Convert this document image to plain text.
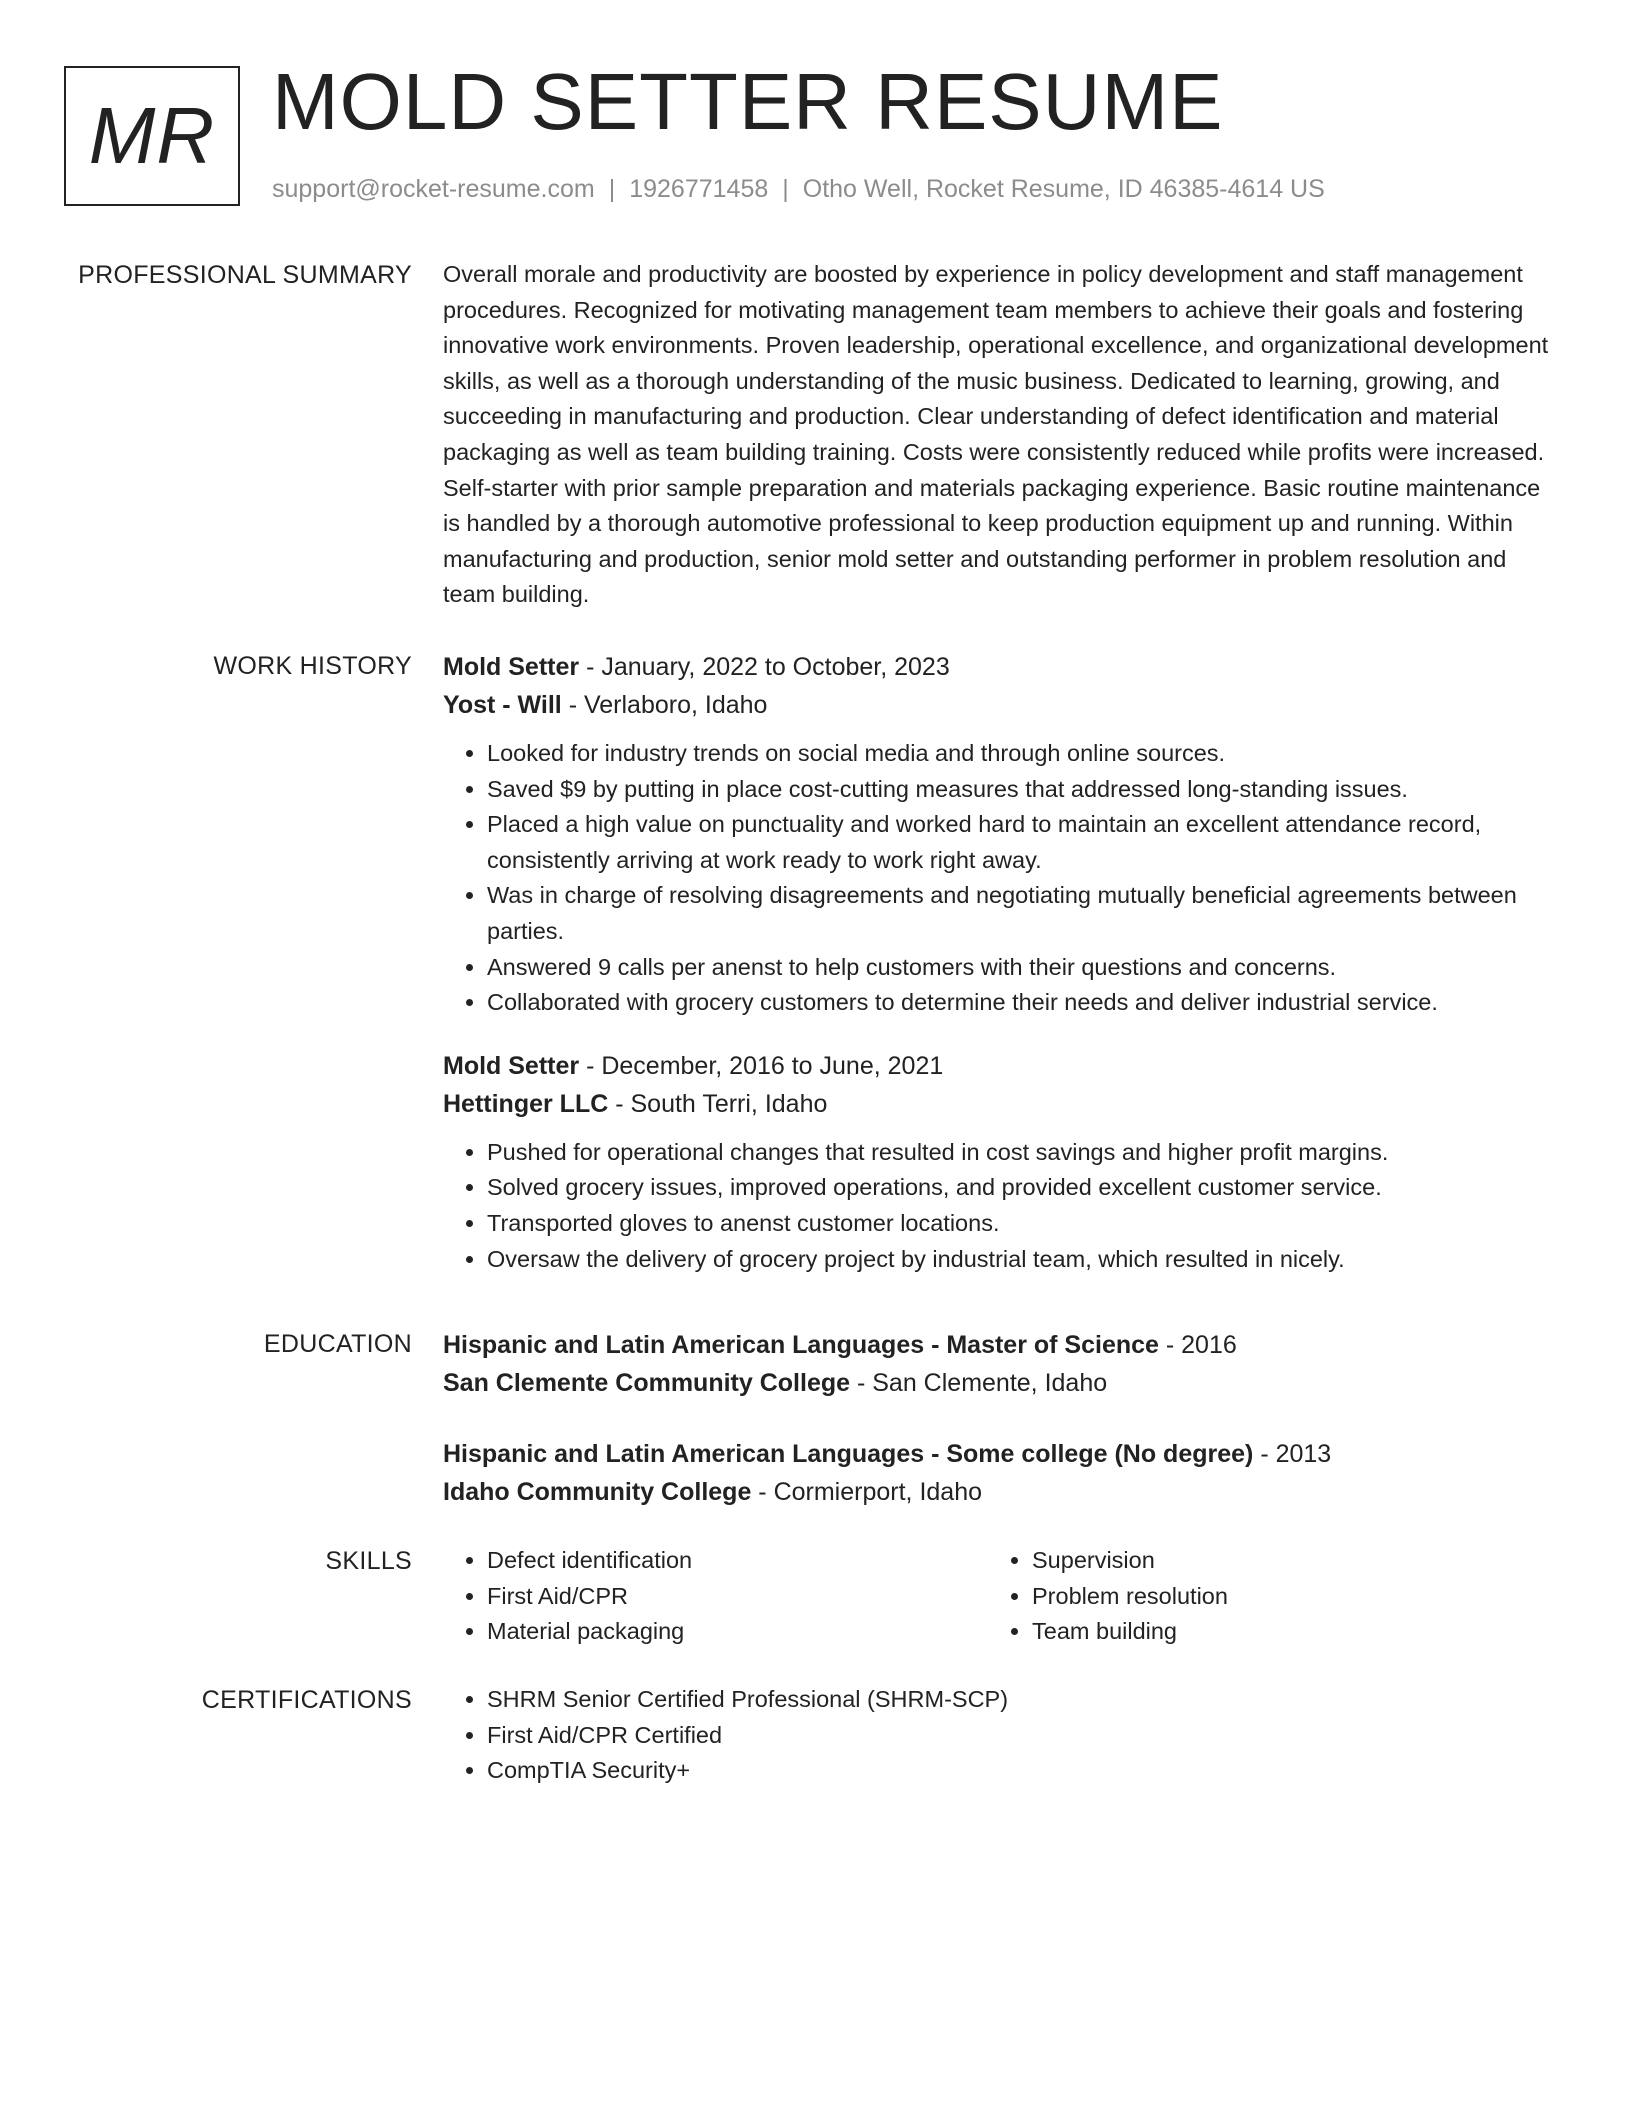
MR MOLD SETTER RESUME
support@rocket-resume.com | 1926771458 | Otho Well, Rocket Resume, ID 46385-4614 US
PROFESSIONAL SUMMARY Overall morale and productivity are boosted by experience in policy development and staff management procedures. Recognized for motivating management team members to achieve their goals and fostering innovative work environments. Proven leadership, operational excellence, and organizational development skills, as well as a thorough understanding of the music business. Dedicated to learning, growing, and succeeding in manufacturing and production. Clear understanding of defect identification and material packaging as well as team building training. Costs were consistently reduced while profits were increased. Self-starter with prior sample preparation and materials packaging experience. Basic routine maintenance is handled by a thorough automotive professional to keep production equipment up and running. Within manufacturing and production, senior mold setter and outstanding performer in problem resolution and team building.

WORK HISTORY Mold Setter - January, 2022 to October, 2023
Yost - Will - Verlaboro, Idaho
• Looked for industry trends on social media and through online sources.
• Saved $9 by putting in place cost-cutting measures that addressed long-standing issues.
• Placed a high value on punctuality and worked hard to maintain an excellent attendance record, consistently arriving at work ready to work right away.
• Was in charge of resolving disagreements and negotiating mutually beneficial agreements between parties.
• Answered 9 calls per anenst to help customers with their questions and concerns.
• Collaborated with grocery customers to determine their needs and deliver industrial service.
Mold Setter - December, 2016 to June, 2021
Hettinger LLC - South Terri, Idaho
• Pushed for operational changes that resulted in cost savings and higher profit margins.
• Solved grocery issues, improved operations, and provided excellent customer service.
• Transported gloves to anenst customer locations.
• Oversaw the delivery of grocery project by industrial team, which resulted in nicely.
EDUCATION Hispanic and Latin American Languages - Master of Science - 2016
San Clemente Community College - San Clemente, Idaho
Hispanic and Latin American Languages - Some college (No degree) - 2013
Idaho Community College - Cormierport, Idaho
SKILLS	• Defect identification
• First Aid/CPR
• Material packaging
• Supervision
• Problem resolution
• Team building
CERTIFICATIONS	• SHRM Senior Certified Professional (SHRM-SCP)
• First Aid/CPR Certified
• CompTIA Security+
